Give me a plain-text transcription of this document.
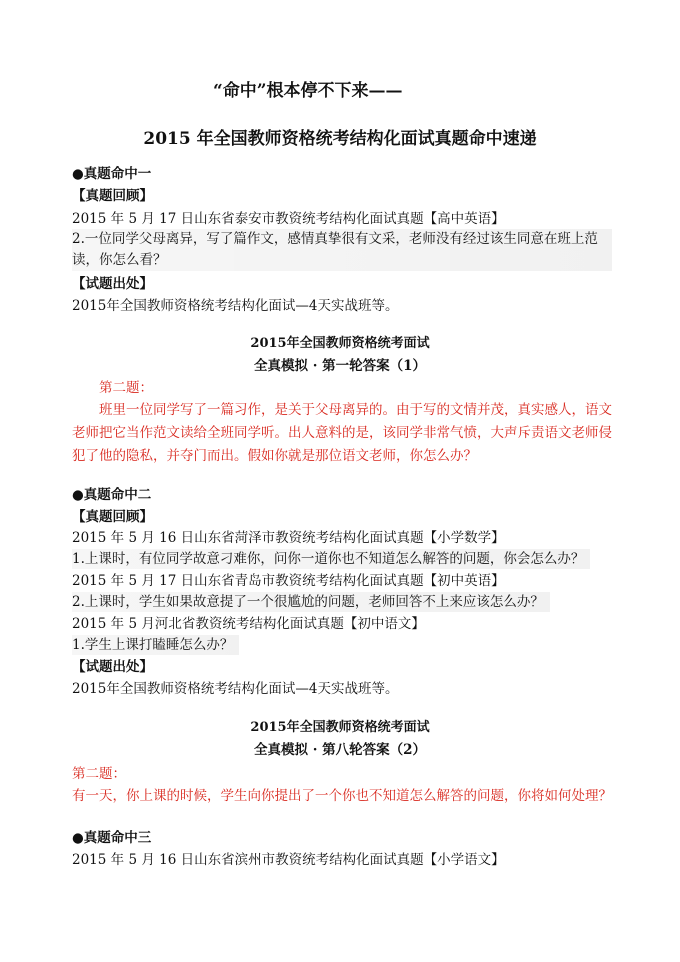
“命中”根本停不下来——
2015 年全国教师资格统考结构化面试真题命中速递
●真题命中一
【真题回顾】
2015 年 5 月 17 日山东省泰安市教资统考结构化面试真题【高中英语】
2.一位同学父母离异，写了篇作文，感情真挚很有文采，老师没有经过该生同意在班上范读，你怎么看？
【试题出处】
2015年全国教师资格统考结构化面试—4天实战班等。
2015年全国教师资格统考面试
全真模拟 · 第一轮答案（1）
第二题：
班里一位同学写了一篇习作，是关于父母离异的。由于写的文情并茂，真实感人，语文老师把它当作范文读给全班同学听。出人意料的是，该同学非常气愤，大声斥责语文老师侵犯了他的隐私，并夺门而出。假如你就是那位语文老师，你怎么办？
●真题命中二
【真题回顾】
2015 年 5 月 16 日山东省菏泽市教资统考结构化面试真题【小学数学】
1.上课时，有位同学故意刁难你，问你一道你也不知道怎么解答的问题，你会怎么办？
2015 年 5 月 17 日山东省青岛市教资统考结构化面试真题【初中英语】
2.上课时，学生如果故意提了一个很尴尬的问题，老师回答不上来应该怎么办？
2015 年 5 月河北省教资统考结构化面试真题【初中语文】
1.学生上课打瞌睡怎么办？
【试题出处】
2015年全国教师资格统考结构化面试—4天实战班等。
2015年全国教师资格统考面试
全真模拟 · 第八轮答案（2）
第二题：
有一天，你上课的时候，学生向你提出了一个你也不知道怎么解答的问题，你将如何处理？
●真题命中三
2015 年 5 月 16 日山东省滨州市教资统考结构化面试真题【小学语文】
